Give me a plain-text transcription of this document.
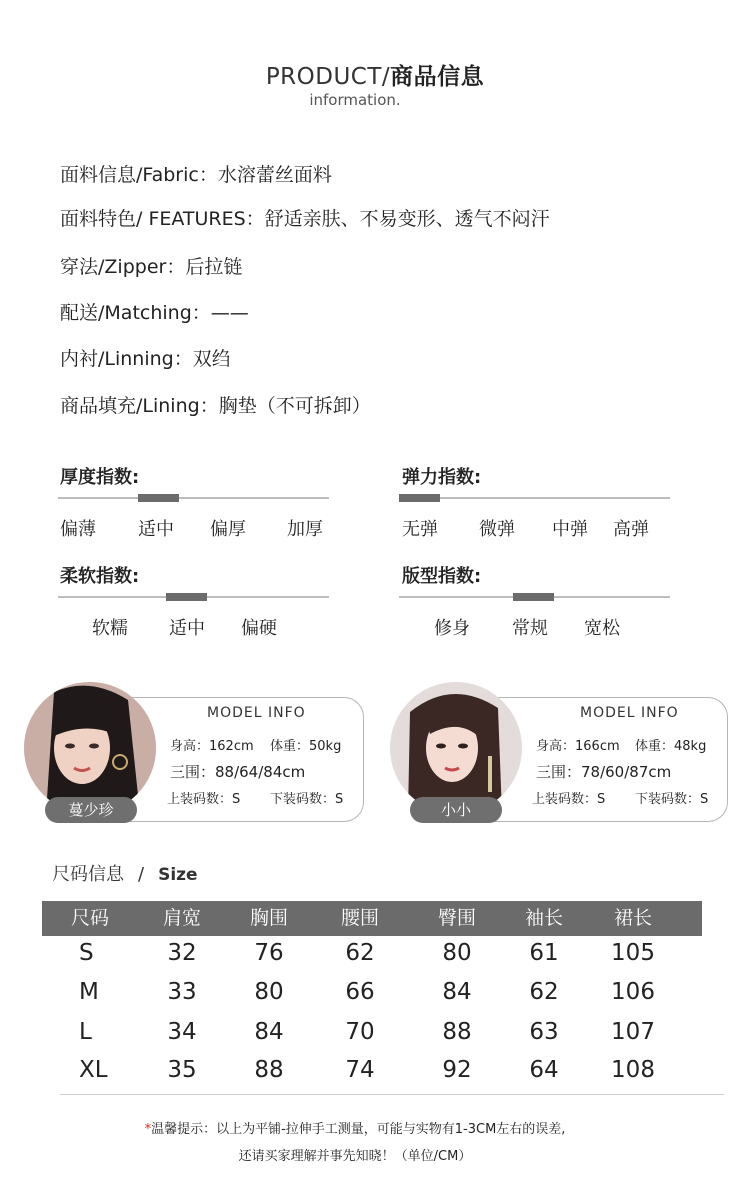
PRODUCT/商品信息
information.
面料信息/Fabric：水溶蕾丝面料
面料特色/ FEATURES：舒适亲肤、不易变形、透气不闷汗
穿法/Zipper：后拉链
配送/Matching：——
内衬/Linning：双绉
商品填充/Lining：胸垫（不可拆卸）
厚度指数:
偏薄 适中 偏厚 加厚
弹力指数:
无弹 微弹 中弹 高弹
柔软指数:
软糯 适中 偏硬
版型指数:
修身 常规 宽松
蔓少珍
MODEL INFO
身高：162cm 体重：50kg
三围：88/64/84cm
上装码数：S 下装码数：S
小小
MODEL INFO
身高：166cm 体重：48kg
三围：78/60/87cm
上装码数：S 下装码数：S
尺码信息 / Size
尺码	肩宽	胸围	腰围	臀围	袖长	裙长
S	32	76	62	80	61	105
M	33	80	66	84	62	106
L	34	84	70	88	63	107
XL	35	88	74	92	64	108
*温馨提示：以上为平铺-拉伸手工测量，可能与实物有1-3CM左右的误差,
还请买家理解并事先知晓！（单位/CM）
